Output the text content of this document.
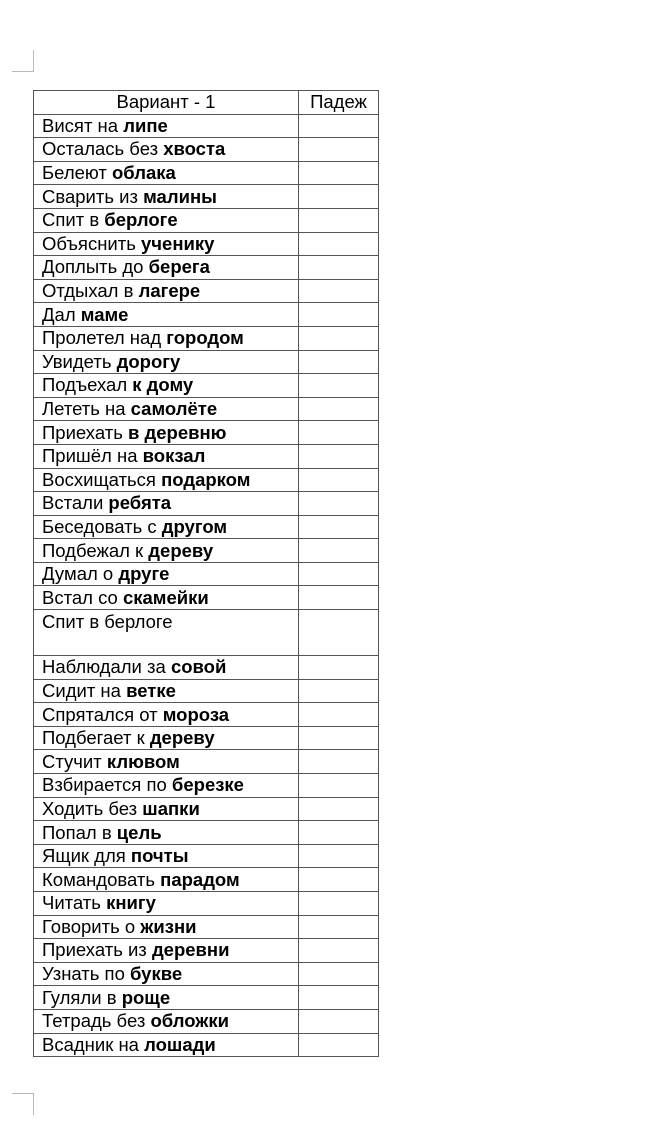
Вариант - 1	Падеж
Висят на липе	
Осталась без хвоста	
Белеют облака	
Сварить из малины	
Спит в берлоге	
Объяснить ученику	
Доплыть до берега	
Отдыхал в лагере	
Дал маме	
Пролетел над городом	
Увидеть дорогу	
Подъехал к дому	
Лететь на самолёте	
Приехать в деревню	
Пришёл на вокзал	
Восхищаться подарком	
Встали ребята	
Беседовать с другом	
Подбежал к дереву	
Думал о друге	
Встал со скамейки	
Спит в берлоге	
Наблюдали за совой	
Сидит на ветке	
Спрятался от мороза	
Подбегает к дереву	
Стучит клювом	
Взбирается по березке	
Ходить без шапки	
Попал в цель	
Ящик для почты	
Командовать парадом	
Читать книгу	
Говорить о жизни	
Приехать из деревни	
Узнать по букве	
Гуляли в роще	
Тетрадь без обложки	
Всадник на лошади	
